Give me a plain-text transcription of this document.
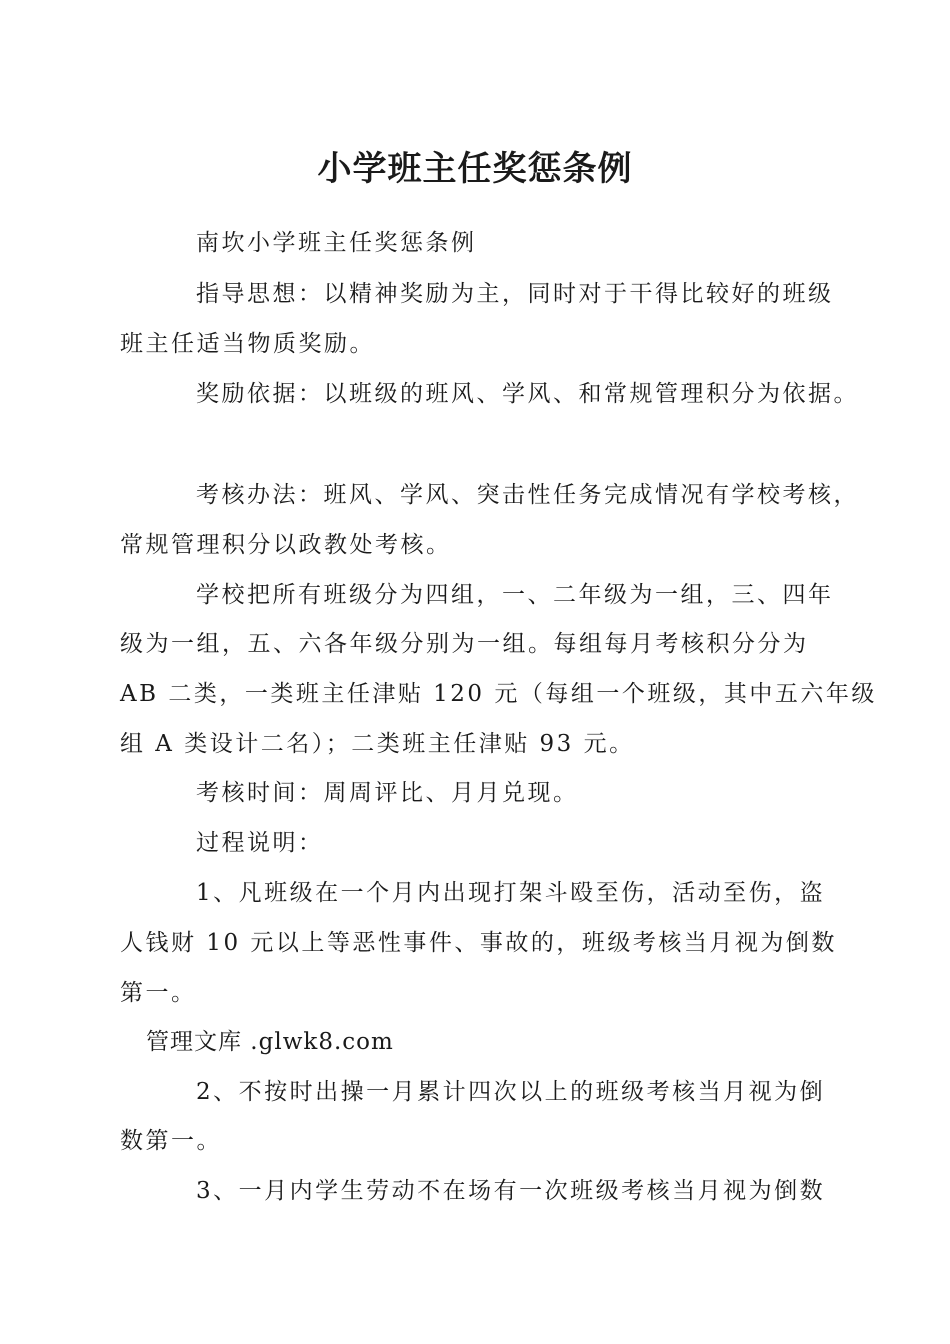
小学班主任奖惩条例
南坎小学班主任奖惩条例
指导思想：以精神奖励为主，同时对于干得比较好的班级
班主任适当物质奖励。
奖励依据：以班级的班风、学风、和常规管理积分为依据。
考核办法：班风、学风、突击性任务完成情况有学校考核，
常规管理积分以政教处考核。
学校把所有班级分为四组，一、二年级为一组，三、四年
级为一组，五、六各年级分别为一组。每组每月考核积分分为
AB 二类，一类班主任津贴 120 元（每组一个班级，其中五六年级
组 A 类设计二名）；二类班主任津贴 93 元。
考核时间：周周评比、月月兑现。
过程说明：
1、凡班级在一个月内出现打架斗殴至伤，活动至伤，盗
人钱财 10 元以上等恶性事件、事故的，班级考核当月视为倒数
第一。
管理文库 .glwk8.com
2、不按时出操一月累计四次以上的班级考核当月视为倒
数第一。
3、一月内学生劳动不在场有一次班级考核当月视为倒数
